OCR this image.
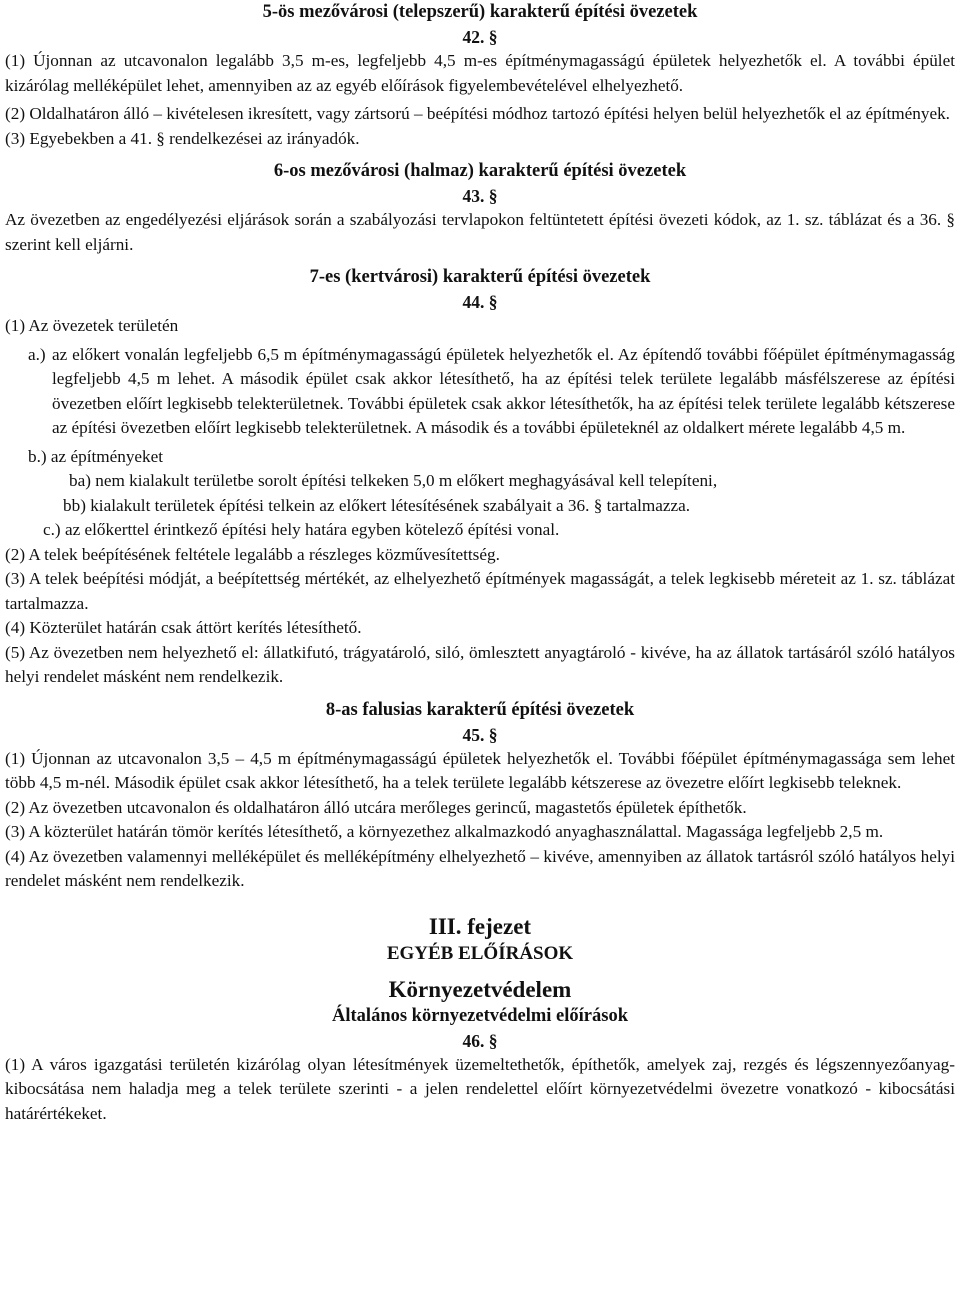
5-ös mezővárosi (telepszerű) karakterű építési övezetek

42. §

(1) Újonnan az utcavonalon legalább 3,5 m-es, legfeljebb 4,5 m-es építménymagasságú épületek helyezhetők el. A további épület kizárólag melléképület lehet, amennyiben az az egyéb előírások figyelembevételével elhelyezhető.

(2) Oldalhatáron álló – kivételesen ikresített, vagy zártsorú – beépítési módhoz tartozó építési helyen belül helyezhetők el az építmények.

(3) Egyebekben a 41. § rendelkezései az irányadók.

6-os mezővárosi (halmaz) karakterű építési övezetek

43. §

Az övezetben az engedélyezési eljárások során a szabályozási tervlapokon feltüntetett építési övezeti kódok, az 1. sz. táblázat és a 36. § szerint kell eljárni.

7-es (kertvárosi) karakterű építési övezetek

44. §

(1) Az övezetek területén

a.) az előkert vonalán legfeljebb 6,5 m építménymagasságú épületek helyezhetők el. Az építendő további főépület építménymagasság legfeljebb 4,5 m lehet. A második épület csak akkor létesíthető, ha az építési telek területe legalább másfélszerese az építési övezetben előírt legkisebb telekterületnek. További épületek csak akkor létesíthetők, ha az építési telek területe legalább kétszerese az építési övezetben előírt legkisebb telekterületnek. A második és a további épületeknél az oldalkert mérete legalább 4,5 m.

b.) az építményeket

ba) nem kialakult területbe sorolt építési telkeken 5,0 m előkert meghagyásával kell telepíteni,

bb) kialakult területek építési telkein az előkert létesítésének szabályait a 36. § tartalmazza.

c.) az előkerttel érintkező építési hely határa egyben kötelező építési vonal.

(2) A telek beépítésének feltétele legalább a részleges közművesítettség.

(3) A telek beépítési módját, a beépítettség mértékét, az elhelyezhető építmények magasságát, a telek legkisebb méreteit az 1. sz. táblázat tartalmazza.

(4) Közterület határán csak áttört kerítés létesíthető.

(5) Az övezetben nem helyezhető el: állatkifutó, trágyatároló, siló, ömlesztett anyagtároló - kivéve, ha az állatok tartásáról szóló hatályos helyi rendelet másként nem rendelkezik.

8-as falusias karakterű építési övezetek

45. §

(1) Újonnan az utcavonalon 3,5 – 4,5 m építménymagasságú épületek helyezhetők el. További főépület építménymagassága sem lehet több 4,5 m-nél. Második épület csak akkor létesíthető, ha a telek területe legalább kétszerese az övezetre előírt legkisebb teleknek.

(2) Az övezetben utcavonalon és oldalhatáron álló utcára merőleges gerincű, magastetős épületek építhetők.

(3) A közterület határán tömör kerítés létesíthető, a környezethez alkalmazkodó anyaghasználattal. Magassága legfeljebb 2,5 m.

(4) Az övezetben valamennyi melléképület és melléképítmény elhelyezhető – kivéve, amennyiben az állatok tartásról szóló hatályos helyi rendelet másként nem rendelkezik.

III. fejezet

EGYÉB ELŐÍRÁSOK

Környezetvédelem

Általános környezetvédelmi előírások

46. §

(1) A város igazgatási területén kizárólag olyan létesítmények üzemeltethetők, építhetők, amelyek zaj, rezgés és légszennyezőanyag-kibocsátása nem haladja meg a telek területe szerinti - a jelen rendelettel előírt környezetvédelmi övezetre vonatkozó - kibocsátási határértékeket.
